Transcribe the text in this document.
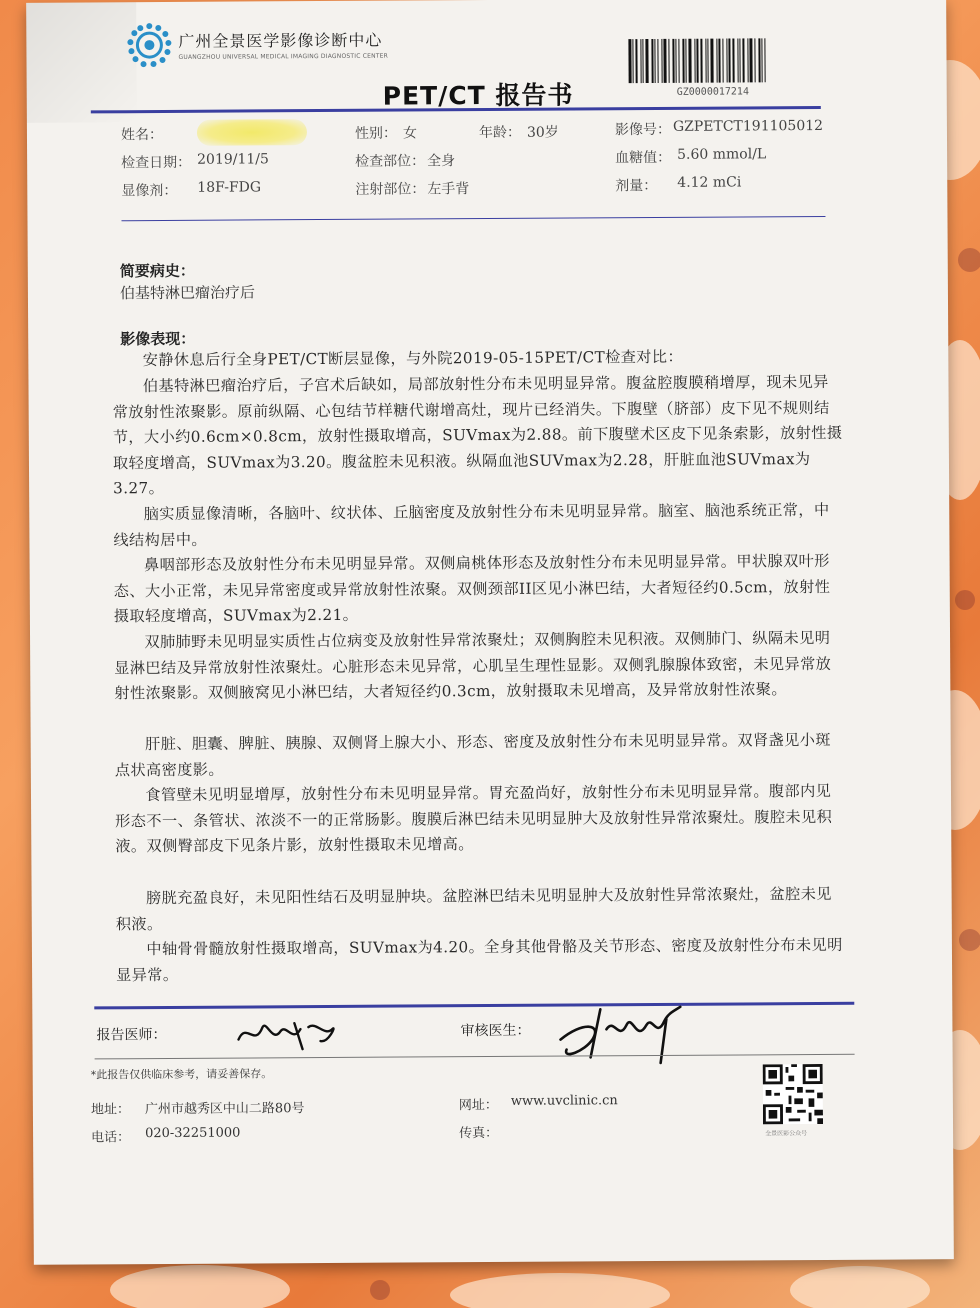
广州全景医学影像诊断中心
GUANGZHOU UNIVERSAL MEDICAL IMAGING DIAGNOSTIC CENTER
GZ0000017214
PET/CT 报告书
姓名：	性别： 女	年龄： 30岁	影像号： GZPETCT191105012
检查日期： 2019/11/5	检查部位： 全身	血糖值： 5.60 mmol/L
显像剂： 18F-FDG	注射部位： 左手背	剂量： 4.12 mCi
简要病史：
伯基特淋巴瘤治疗后
影像表现：

安静休息后行全身PET/CT断层显像，与外院2019-05-15PET/CT检查对比：

伯基特淋巴瘤治疗后，子宫术后缺如，局部放射性分布未见明显异常。腹盆腔腹膜稍增厚，现未见异常放射性浓聚影。原前纵隔、心包结节样糖代谢增高灶，现片已经消失。下腹壁（脐部）皮下见不规则结节，大小约0.6cm×0.8cm，放射性摄取增高，SUVmax为2.88。前下腹壁术区皮下见条索影，放射性摄取轻度增高，SUVmax为3.20。腹盆腔未见积液。纵隔血池SUVmax为2.28，肝脏血池SUVmax为3.27。

脑实质显像清晰，各脑叶、纹状体、丘脑密度及放射性分布未见明显异常。脑室、脑池系统正常，中线结构居中。

鼻咽部形态及放射性分布未见明显异常。双侧扁桃体形态及放射性分布未见明显异常。甲状腺双叶形态、大小正常，未见异常密度或异常放射性浓聚。双侧颈部II区见小淋巴结，大者短径约0.5cm，放射性摄取轻度增高，SUVmax为2.21。

双肺肺野未见明显实质性占位病变及放射性异常浓聚灶；双侧胸腔未见积液。双侧肺门、纵隔未见明显淋巴结及异常放射性浓聚灶。心脏形态未见异常，心肌呈生理性显影。双侧乳腺腺体致密，未见异常放射性浓聚影。双侧腋窝见小淋巴结，大者短径约0.3cm，放射摄取未见增高，及异常放射性浓聚。

肝脏、胆囊、脾脏、胰腺、双侧肾上腺大小、形态、密度及放射性分布未见明显异常。双肾盏见小斑点状高密度影。

食管壁未见明显增厚，放射性分布未见明显异常。胃充盈尚好，放射性分布未见明显异常。腹部内见形态不一、条管状、浓淡不一的正常肠影。腹膜后淋巴结未见明显肿大及放射性异常浓聚灶。腹腔未见积液。双侧臀部皮下见条片影，放射性摄取未见增高。

膀胱充盈良好，未见阳性结石及明显肿块。盆腔淋巴结未见明显肿大及放射性异常浓聚灶，盆腔未见积液。

中轴骨骨髓放射性摄取增高，SUVmax为4.20。全身其他骨骼及关节形态、密度及放射性分布未见明显异常。

报告医师：	审核医生：
*此报告仅供临床参考，请妥善保存。
地址： 广州市越秀区中山二路80号	网址： www.uvclinic.cn
电话： 020-32251000	传真：	全景医影公众号
